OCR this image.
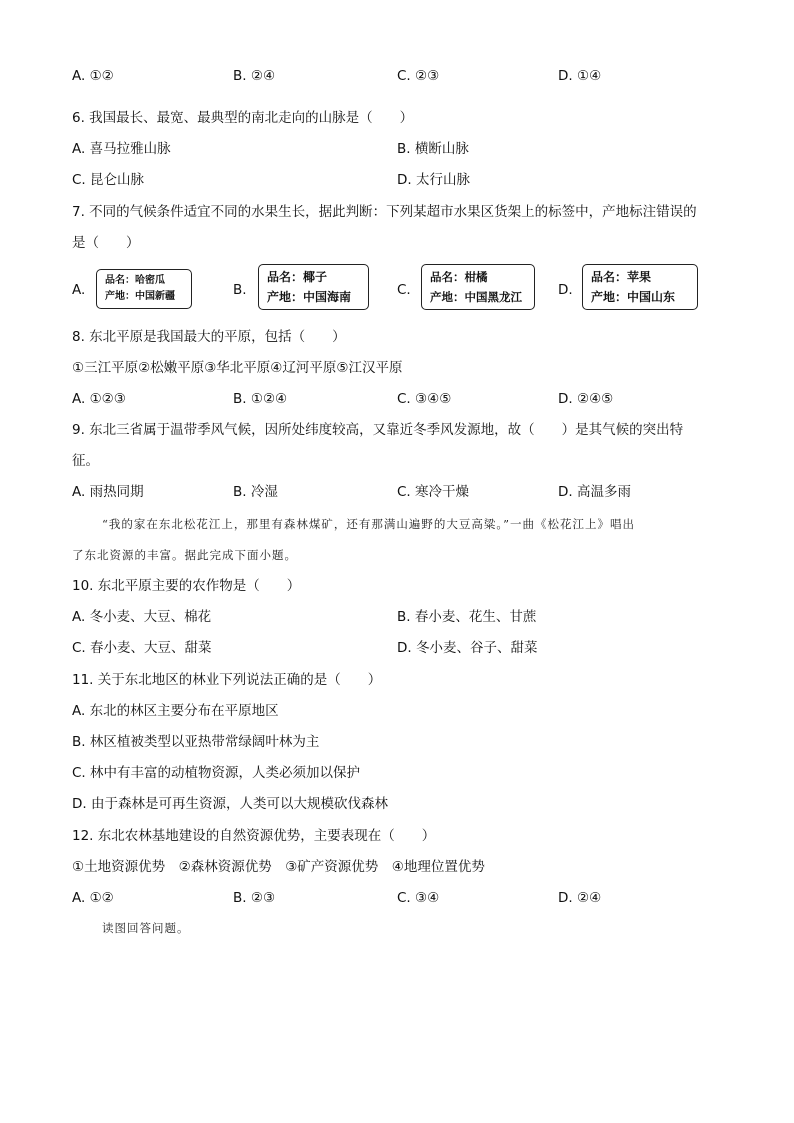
A. ①②	B. ②④	C. ②③	D. ①④
6. 我国最长、最宽、最典型的南北走向的山脉是（　　）
A. 喜马拉雅山脉	B. 横断山脉
C. 昆仑山脉	D. 太行山脉
7. 不同的气候条件适宜不同的水果生长，据此判断：下列某超市水果区货架上的标签中，产地标注错误的
是（　　）
A.
品名：哈密瓜
产地：中国新疆	B.
品名：椰子
产地：中国海南	C.
品名：柑橘
产地：中国黑龙江	D.
品名：苹果
产地：中国山东
8. 东北平原是我国最大的平原，包括（　　）
①三江平原②松嫩平原③华北平原④辽河平原⑤江汉平原
A. ①②③	B. ①②④	C. ③④⑤	D. ②④⑤
9. 东北三省属于温带季风气候，因所处纬度较高，又靠近冬季风发源地，故（　　）是其气候的突出特
征。
A. 雨热同期	B. 冷湿	C. 寒冷干燥	D. 高温多雨
“我的家在东北松花江上，那里有森林煤矿，还有那满山遍野的大豆高粱。”一曲《松花江上》唱出
了东北资源的丰富。据此完成下面小题。
10. 东北平原主要的农作物是（　　）
A. 冬小麦、大豆、棉花	B. 春小麦、花生、甘蔗
C. 春小麦、大豆、甜菜	D. 冬小麦、谷子、甜菜
11. 关于东北地区的林业下列说法正确的是（　　）
A. 东北的林区主要分布在平原地区
B. 林区植被类型以亚热带常绿阔叶林为主
C. 林中有丰富的动植物资源，人类必须加以保护
D. 由于森林是可再生资源，人类可以大规模砍伐森林
12. 东北农林基地建设的自然资源优势，主要表现在（　　）
①土地资源优势　②森林资源优势　③矿产资源优势　④地理位置优势
A. ①②	B. ②③	C. ③④	D. ②④
读图回答问题。
